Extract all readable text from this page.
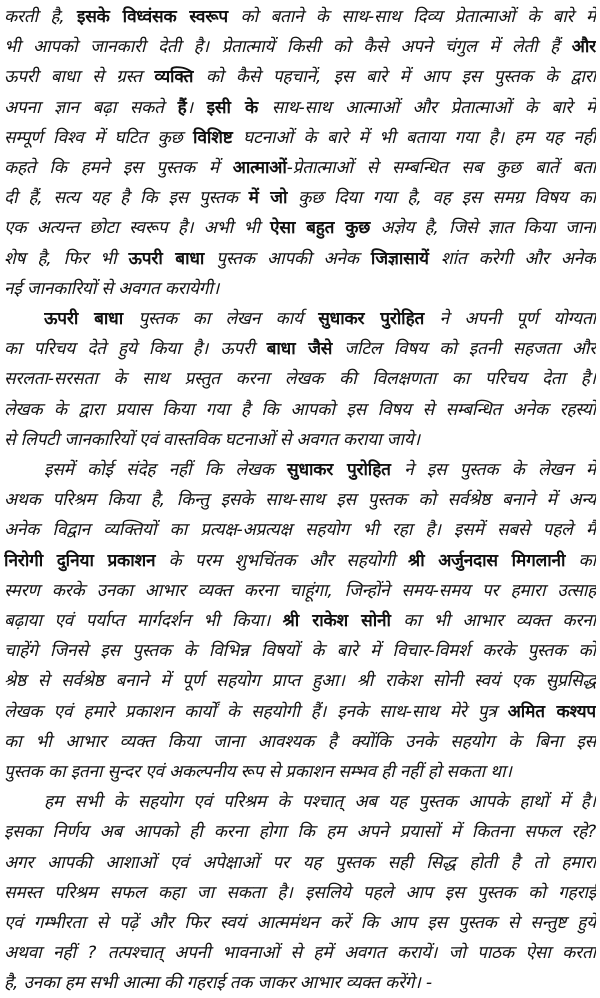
करती है, इसके विध्वंसक स्वरूप को बताने के साथ-साथ दिव्य प्रेतात्माओं के बारे में
भी आपको जानकारी देती है। प्रेतात्मायें किसी को कैसे अपने चंगुल में लेती हैं और
ऊपरी बाधा से ग्रस्त व्यक्ति को कैसे पहचानें, इस बारे में आप इस पुस्तक के द्वारा
अपना ज्ञान बढ़ा सकते हैं। इसी के साथ-साथ आत्माओं और प्रेतात्माओं के बारे में
सम्पूर्ण विश्व में घटित कुछ विशिष्ट घटनाओं के बारे में भी बताया गया है। हम यह नहीं
कहते कि हमने इस पुस्तक में आत्माओं-प्रेतात्माओं से सम्बन्धित सब कुछ बातें बता
दी हैं, सत्य यह है कि इस पुस्तक में जो कुछ दिया गया है, वह इस समग्र विषय का
एक अत्यन्त छोटा स्वरूप है। अभी भी ऐसा बहुत कुछ अज्ञेय है, जिसे ज्ञात किया जाना
शेष है, फिर भी ऊपरी बाधा पुस्तक आपकी अनेक जिज्ञासायें शांत करेगी और अनेक
नई जानकारियों से अवगत करायेगी।
ऊपरी बाधा पुस्तक का लेखन कार्य सुधाकर पुरोहित ने अपनी पूर्ण योग्यता
का परिचय देते हुये किया है। ऊपरी बाधा जैसे जटिल विषय को इतनी सहजता और
सरलता-सरसता के साथ प्रस्तुत करना लेखक की विलक्षणता का परिचय देता है।
लेखक के द्वारा प्रयास किया गया है कि आपको इस विषय से सम्बन्धित अनेक रहस्यों
से लिपटी जानकारियों एवं वास्तविक घटनाओं से अवगत कराया जाये।
इसमें कोई संदेह नहीं कि लेखक सुधाकर पुरोहित ने इस पुस्तक के लेखन में
अथक परिश्रम किया है, किन्तु इसके साथ-साथ इस पुस्तक को सर्वश्रेष्ठ बनाने में अन्य
अनेक विद्वान व्यक्तियों का प्रत्यक्ष-अप्रत्यक्ष सहयोग भी रहा है। इसमें सबसे पहले मैं
निरोगी दुनिया प्रकाशन के परम शुभचिंतक और सहयोगी श्री अर्जुनदास मिगलानी का
स्मरण करके उनका आभार व्यक्त करना चाहूंगा, जिन्होंने समय-समय पर हमारा उत्साह
बढ़ाया एवं पर्याप्त मार्गदर्शन भी किया। श्री राकेश सोनी का भी आभार व्यक्त करना
चाहेंगे जिनसे इस पुस्तक के विभिन्न विषयों के बारे में विचार-विमर्श करके पुस्तक को
श्रेष्ठ से सर्वश्रेष्ठ बनाने में पूर्ण सहयोग प्राप्त हुआ। श्री राकेश सोनी स्वयं एक सुप्रसिद्ध
लेखक एवं हमारे प्रकाशन कार्यों के सहयोगी हैं। इनके साथ-साथ मेरे पुत्र अमित कश्यप
का भी आभार व्यक्त किया जाना आवश्यक है क्योंकि उनके सहयोग के बिना इस
पुस्तक का इतना सुन्दर एवं अकल्पनीय रूप से प्रकाशन सम्भव ही नहीं हो सकता था।
हम सभी के सहयोग एवं परिश्रम के पश्चात् अब यह पुस्तक आपके हाथों में है।
इसका निर्णय अब आपको ही करना होगा कि हम अपने प्रयासों में कितना सफल रहे?
अगर आपकी आशाओं एवं अपेक्षाओं पर यह पुस्तक सही सिद्ध होती है तो हमारा
समस्त परिश्रम सफल कहा जा सकता है। इसलिये पहले आप इस पुस्तक को गहराई
एवं गम्भीरता से पढ़ें और फिर स्वयं आत्ममंथन करें कि आप इस पुस्तक से सन्तुष्ट हुये
अथवा नहीं ? तत्पश्चात् अपनी भावनाओं से हमें अवगत करायें। जो पाठक ऐसा करता
है, उनका हम सभी आत्मा की गहराई तक जाकर आभार व्यक्त करेंगे। -
